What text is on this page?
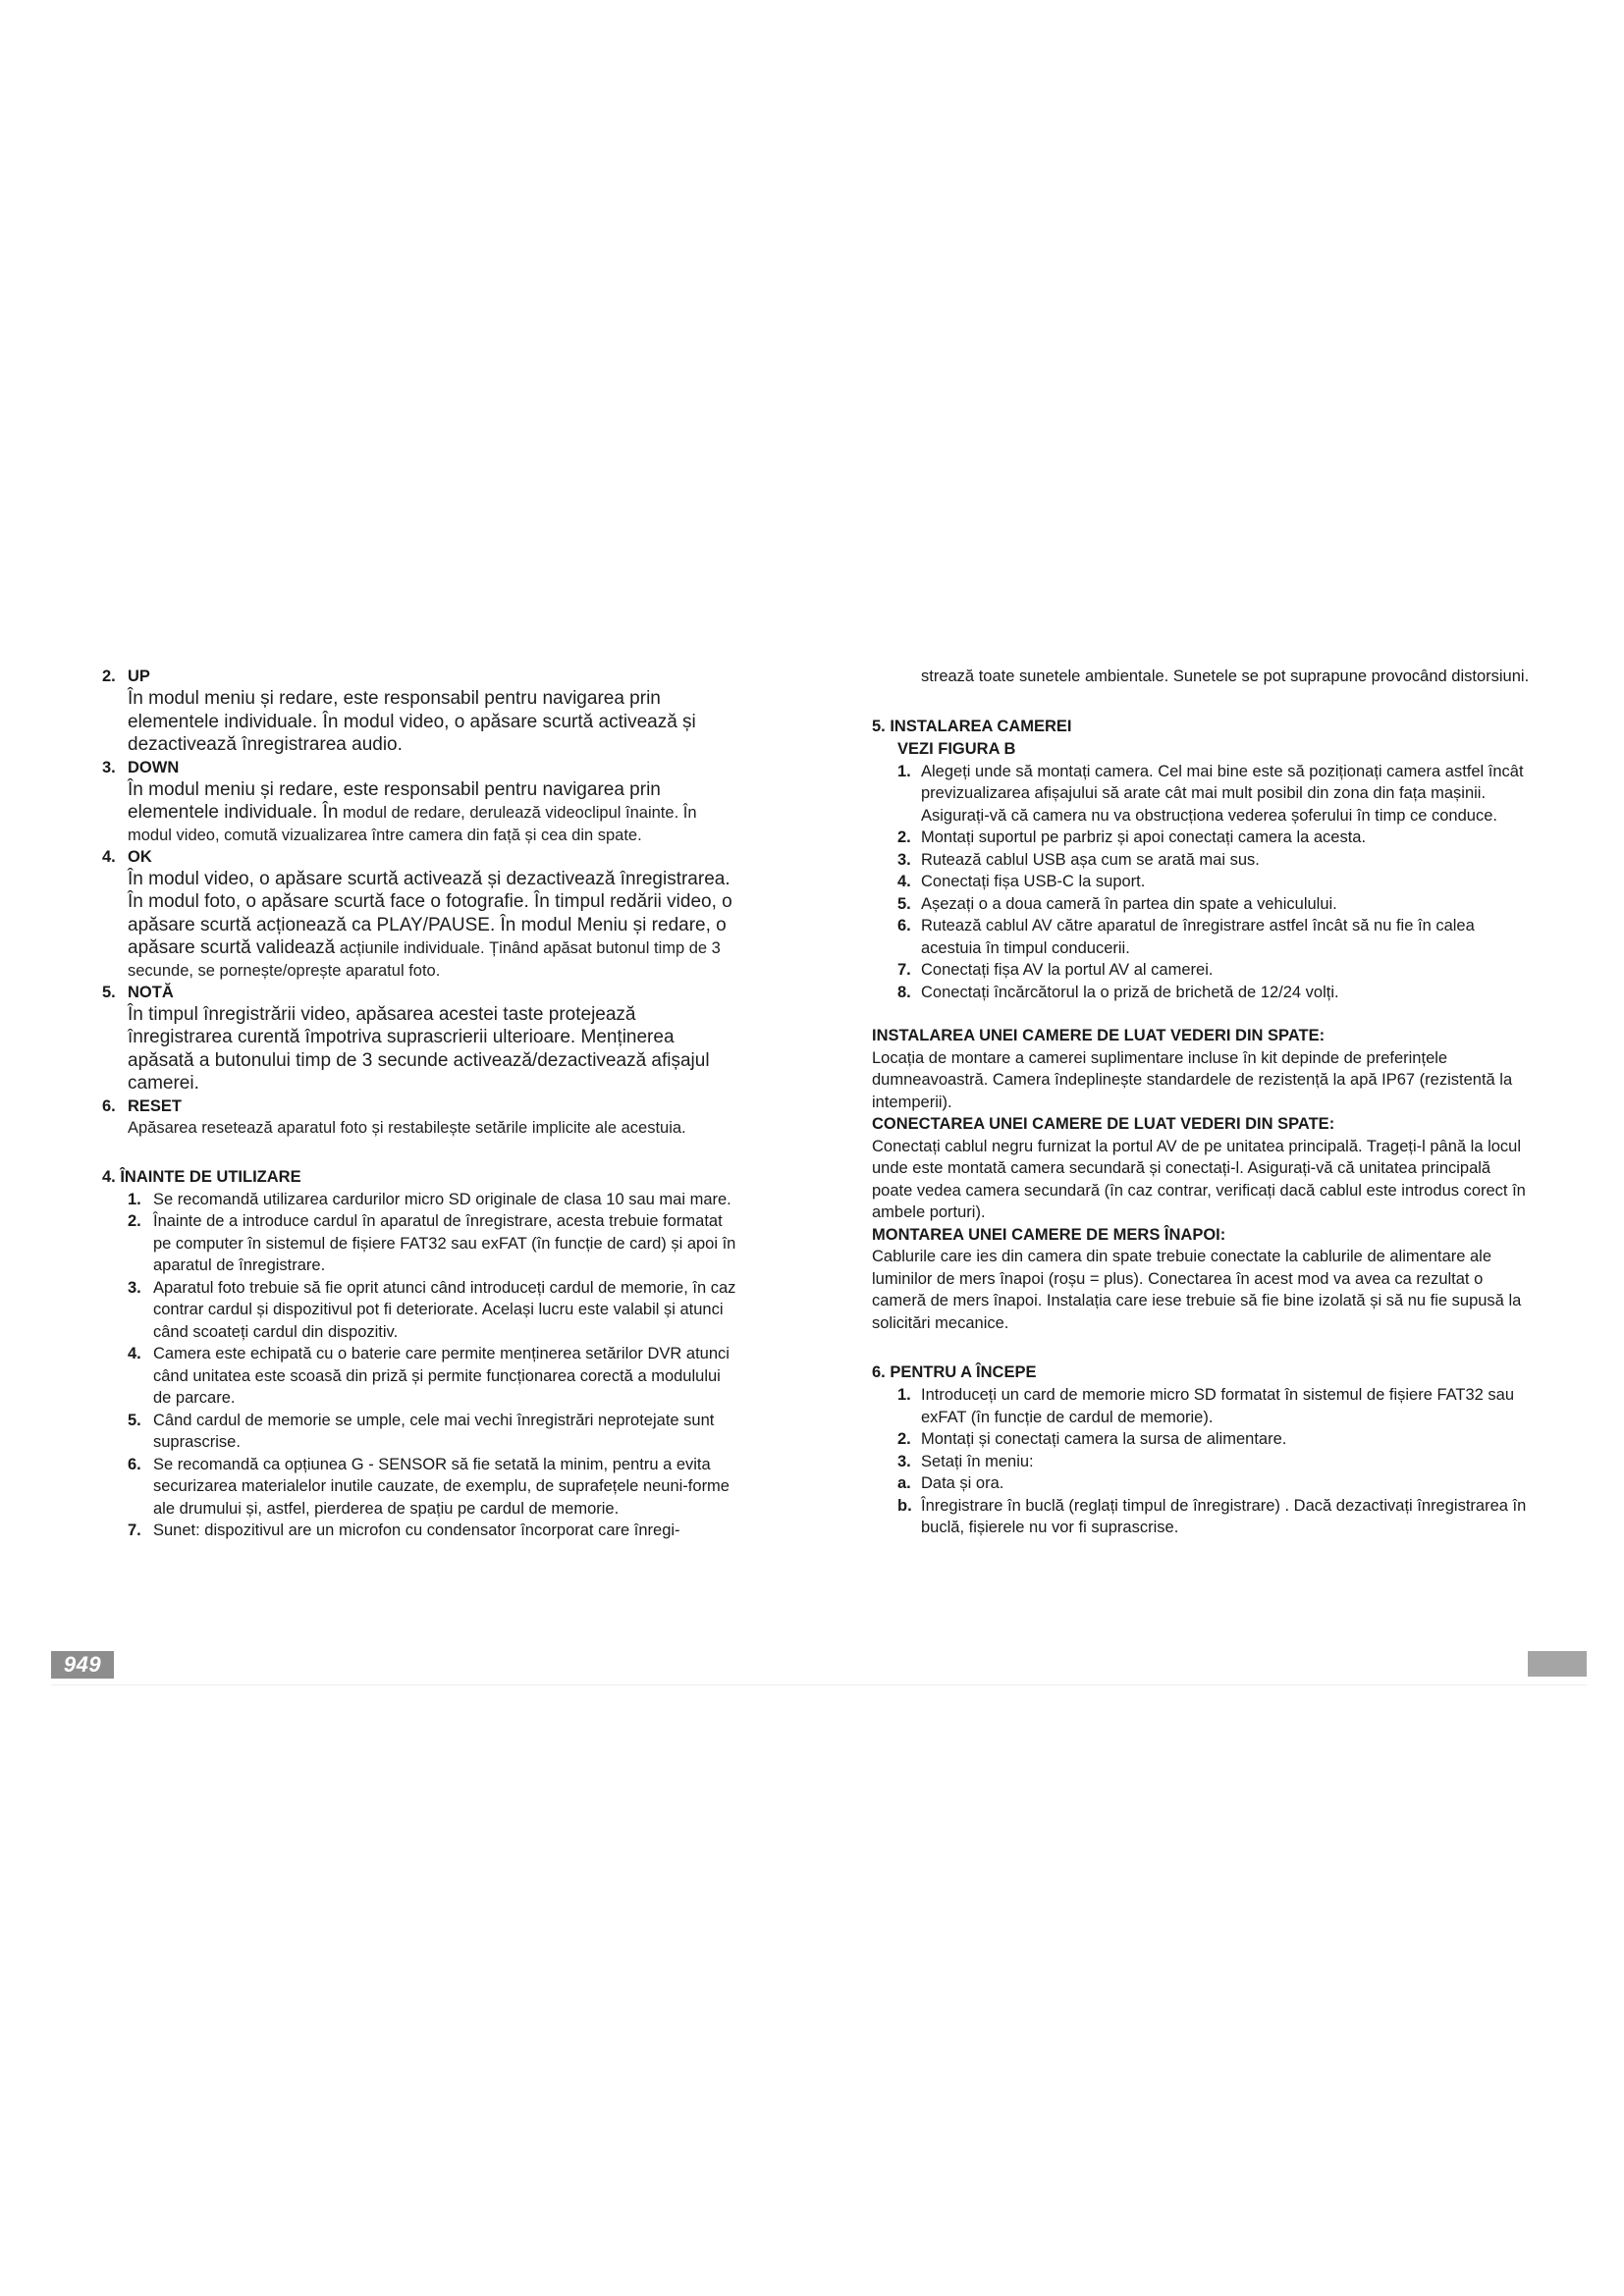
2. UP
În modul meniu și redare, este responsabil pentru navigarea prin elementele individuale. În modul video, o apăsare scurtă activează și dezactivează înregistrarea audio.
3. DOWN
În modul meniu și redare, este responsabil pentru navigarea prin elementele individuale. În modul de redare, derulează videoclipul înainte. În modul video, comută vizualizarea între camera din față și cea din spate.
4. OK
În modul video, o apăsare scurtă activează și dezactivează înregistrarea. În modul foto, o apăsare scurtă face o fotografie. În timpul redării video, o apăsare scurtă acționează ca PLAY/PAUSE. În modul Meniu și redare, o apăsare scurtă validează acțiunile individuale. Ținând apăsat butonul timp de 3 secunde, se pornește/oprește aparatul foto.
5. NOTĂ
În timpul înregistrării video, apăsarea acestei taste protejează înregistrarea curentă împotriva suprascrierii ulterioare. Menținerea apăsată a butonului timp de 3 secunde activează/dezactivează afișajul camerei.
6. RESET
Apăsarea resetează aparatul foto și restabilește setările implicite ale acestuia.
4. ÎNAINTE DE UTILIZARE
1. Se recomandă utilizarea cardurilor micro SD originale de clasa 10 sau mai mare.
2. Înainte de a introduce cardul în aparatul de înregistrare, acesta trebuie formatat pe computer în sistemul de fișiere FAT32 sau exFAT (în funcție de card) și apoi în aparatul de înregistrare.
3. Aparatul foto trebuie să fie oprit atunci când introduceți cardul de memorie, în caz contrar cardul și dispozitivul pot fi deteriorate. Același lucru este valabil și atunci când scoateți cardul din dispozitiv.
4. Camera este echipată cu o baterie care permite menținerea setărilor DVR atunci când unitatea este scoasă din priză și permite funcționarea corectă a modulului de parcare.
5. Când cardul de memorie se umple, cele mai vechi înregistrări neprotejate sunt suprascrise.
6. Se recomandă ca opțiunea G - SENSOR să fie setată la minim, pentru a evita securizarea materialelor inutile cauzate, de exemplu, de suprafețele neuni-forme ale drumului și, astfel, pierderea de spațiu pe cardul de memorie.
7. Sunet: dispozitivul are un microfon cu condensator încorporat care înregi-
strează toate sunetele ambientale. Sunetele se pot suprapune provocând distorsiuni.
5. INSTALAREA CAMEREI
VEZI FIGURA B
1. Alegeți unde să montați camera. Cel mai bine este să poziționați camera astfel încât previzualizarea afișajului să arate cât mai mult posibil din zona din fața mașinii. Asigurați-vă că camera nu va obstrucționa vederea șoferului în timp ce conduce.
2. Montați suportul pe parbriz și apoi conectați camera la acesta.
3. Rutează cablul USB așa cum se arată mai sus.
4. Conectați fișa USB-C la suport.
5. Așezați o a doua cameră în partea din spate a vehiculului.
6. Rutează cablul AV către aparatul de înregistrare astfel încât să nu fie în calea acestuia în timpul conducerii.
7. Conectați fișa AV la portul AV al camerei.
8. Conectați încărcătorul la o priză de brichetă de 12/24 volți.
INSTALAREA UNEI CAMERE DE LUAT VEDERI DIN SPATE:
Locația de montare a camerei suplimentare incluse în kit depinde de preferințele dumneavoastră. Camera îndeplinește standardele de rezistență la apă IP67 (rezistentă la intemperii).
CONECTAREA UNEI CAMERE DE LUAT VEDERI DIN SPATE:
Conectați cablul negru furnizat la portul AV de pe unitatea principală. Trageți-l până la locul unde este montată camera secundară și conectați-l. Asigurați-vă că unitatea principală poate vedea camera secundară (în caz contrar, verificați dacă cablul este introdus corect în ambele porturi).
MONTAREA UNEI CAMERE DE MERS ÎNAPOI:
Cablurile care ies din camera din spate trebuie conectate la cablurile de alimentare ale luminilor de mers înapoi (roșu = plus). Conectarea în acest mod va avea ca rezultat o cameră de mers înapoi. Instalația care iese trebuie să fie bine izolată și să nu fie supusă la solicitări mecanice.
6. PENTRU A ÎNCEPE
1. Introduceți un card de memorie micro SD formatat în sistemul de fișiere FAT32 sau exFAT (în funcție de cardul de memorie).
2. Montați și conectați camera la sursa de alimentare.
3. Setați în meniu:
a. Data și ora.
b. Înregistrare în buclă (reglați timpul de înregistrare) . Dacă dezactivați înregistrarea în buclă, fișierele nu vor fi suprascrise.
949
